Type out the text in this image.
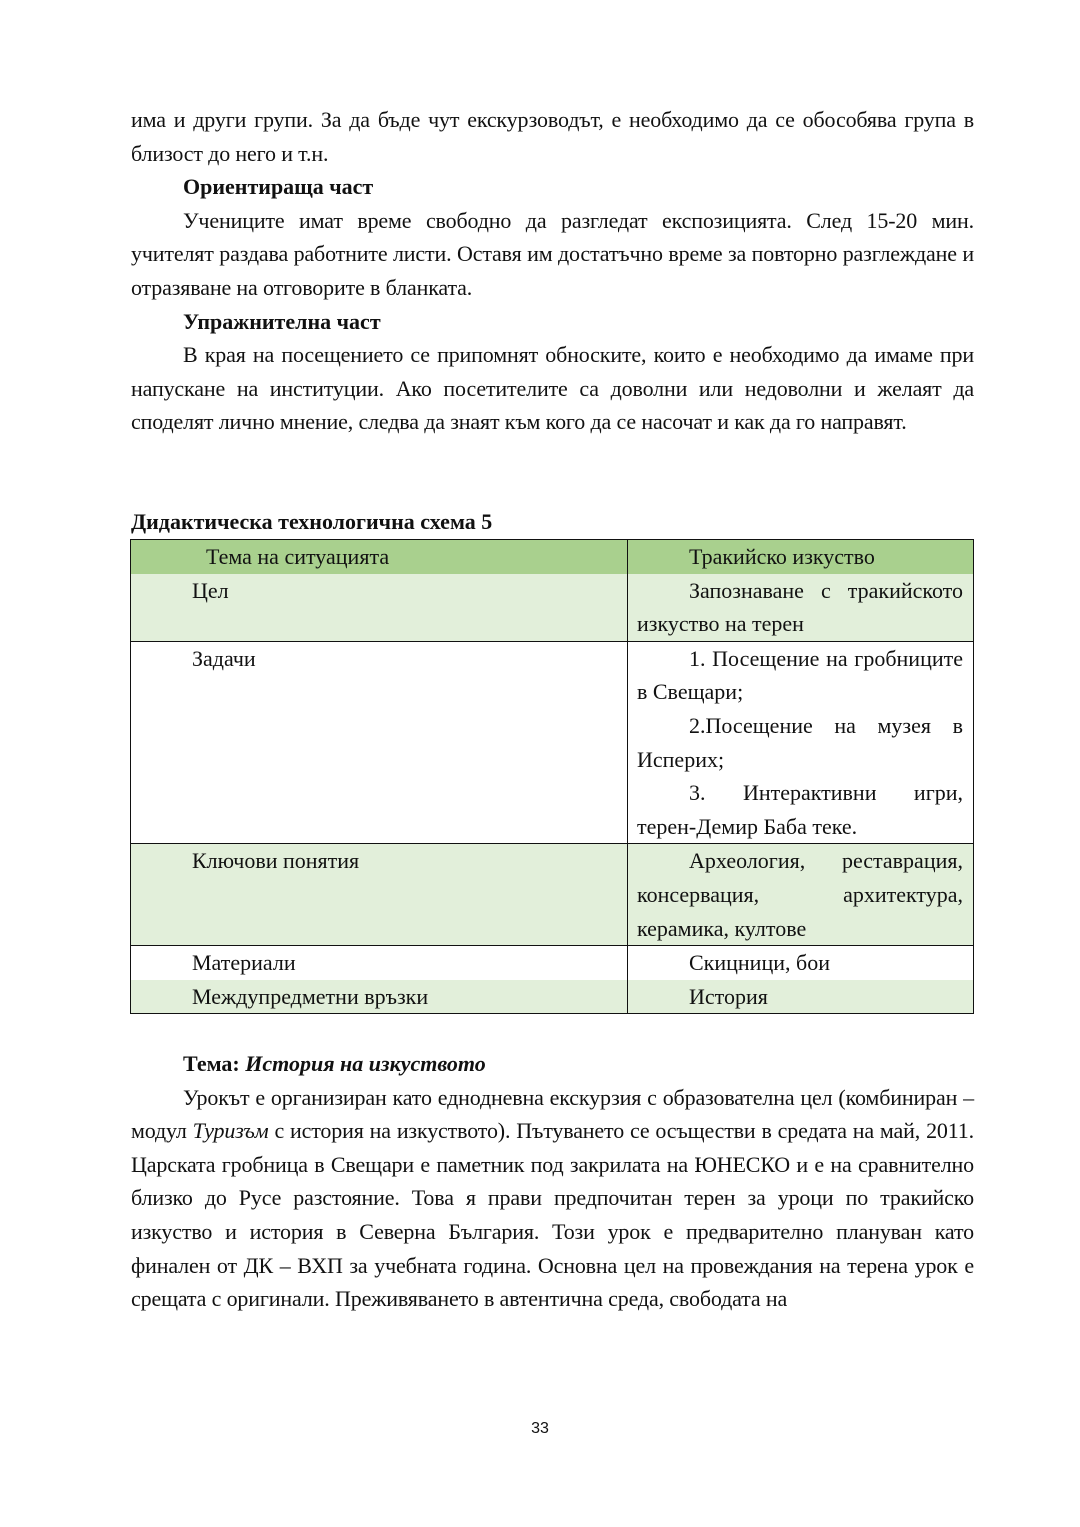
има и други групи. За да бъде чут екскурзоводът, е необходимо да се обособява група в близост до него и т.н.

Ориентираща част

Учениците имат време свободно да разгледат експозицията. След 15-20 мин. учителят раздава работните листи. Оставя им достатъчно време за повторно разглеждане и отразяване на отговорите в бланката.

Упражнителна част

В края на посещението се припомнят обноските, които е необходимо да имаме при напускане на институции. Ако посетителите са доволни или недоволни и желаят да споделят лично мнение, следва да знаят към кого да се насочат и как да го направят.

Дидактическа технологична схема 5

Тема на ситуацията	Тракийско изкуство
Цел	Запознаване с тракийското изкуство на терен

Задачи	1. Посещение на гробниците в Свещари;

2.Посещение на музея в Исперих;

3. Интерактивни игри, терен-Демир Баба теке.

Ключови понятия	Археология, реставрация, консервация, архитектура, керамика, култове

Материали	Скицници, бои
Междупредметни връзки	История

Тема: История на изкуството

Урокът е организиран като еднодневна екскурзия с образователна цел (комбиниран – модул Туризъм с история на изкуството). Пътуването се осъществи в средата на май, 2011. Царската гробница в Свещари е паметник под закрилата на ЮНЕСКО и е на сравнително близко до Русе разстояние. Това я прави предпочитан терен за уроци по тракийско изкуство и история в Северна България. Този урок е предварително плануван като финален от ДК – ВХП за учебната година. Основна цел на провеждания на терена урок е срещата с оригинали. Преживяването в автентична среда, свободата на

33
